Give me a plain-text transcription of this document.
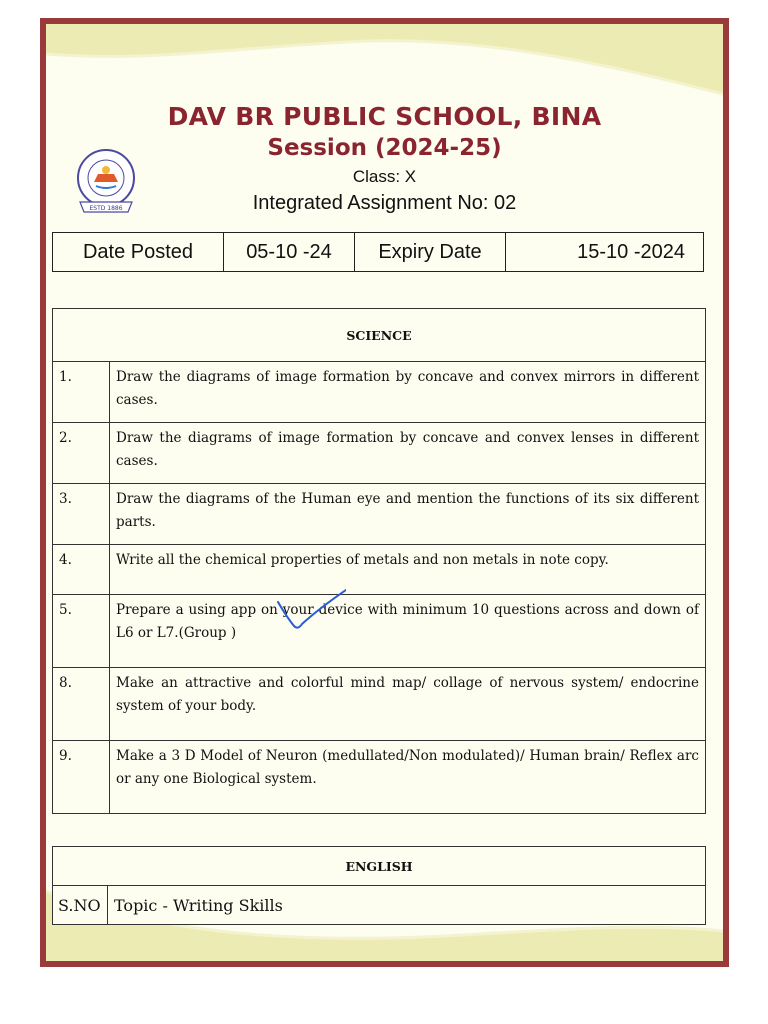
ESTD 1886

DAV BR PUBLIC SCHOOL, BINA

Session (2024-25)

Class: X

Integrated Assignment No: 02

Date Posted	05-10 -24	Expiry Date	15-10 -2024
SCIENCE	
1.	Draw the diagrams of image formation by concave and convex mirrors in different cases.
2.	Draw the diagrams of image formation by concave and convex lenses in different cases.
3.	Draw the diagrams of the Human eye and mention the functions of its six different parts.
4.	Write all the chemical properties of metals and non metals in note copy.
5.	Prepare a using app on your device with minimum 10 questions across and down of L6 or L7.(Group )
8.	Make an attractive and colorful mind map/ collage of nervous system/ endocrine system of your body.
9.	Make a 3 D Model of Neuron (medullated/Non modulated)/ Human brain/ Reflex arc or any one Biological system.
ENGLISH
S.NO	Topic - Writing Skills
